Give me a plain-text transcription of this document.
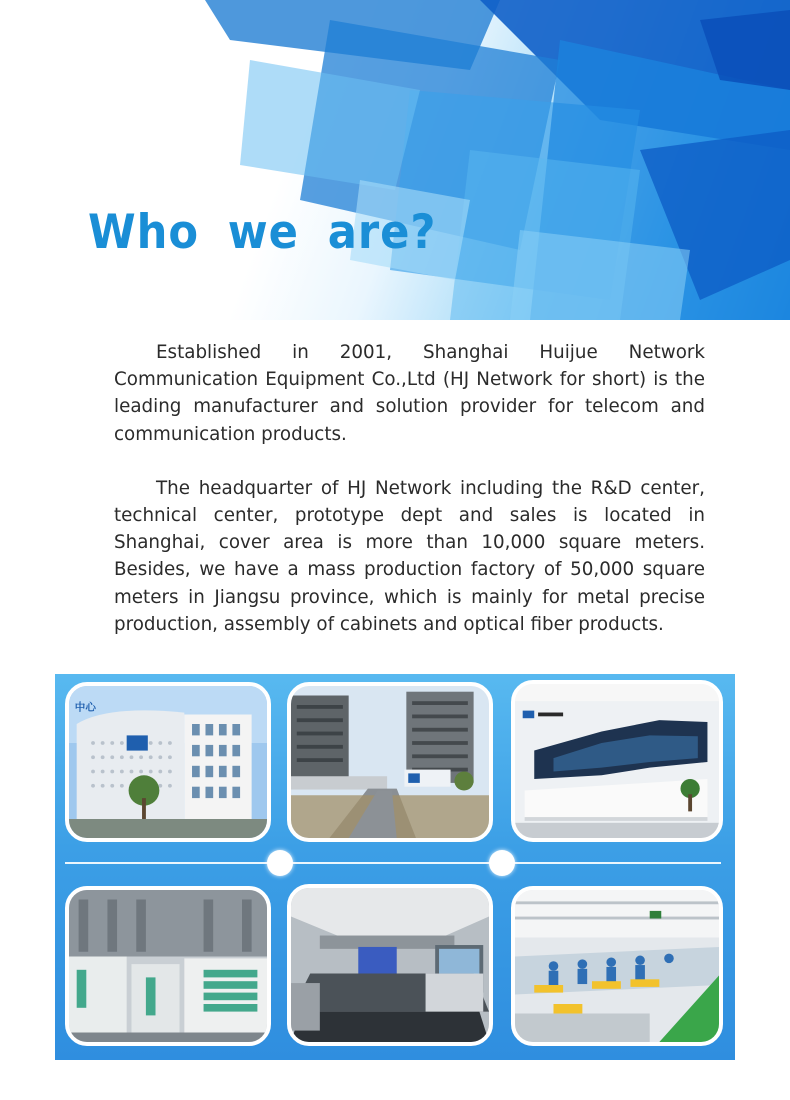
Who we are?

Established in 2001, Shanghai Huijue Network Communication Equipment Co.,Ltd (HJ Network for short) is the leading manufacturer and solution provider for telecom and communication products.

The headquarter of HJ Network including the R&D center, technical center, prototype dept and sales is located in Shanghai, cover area is more than 10,000 square meters. Besides, we have a mass production factory of 50,000 square meters in Jiangsu province, which is mainly for metal precise production, assembly of cabinets and optical fiber products.

中心
